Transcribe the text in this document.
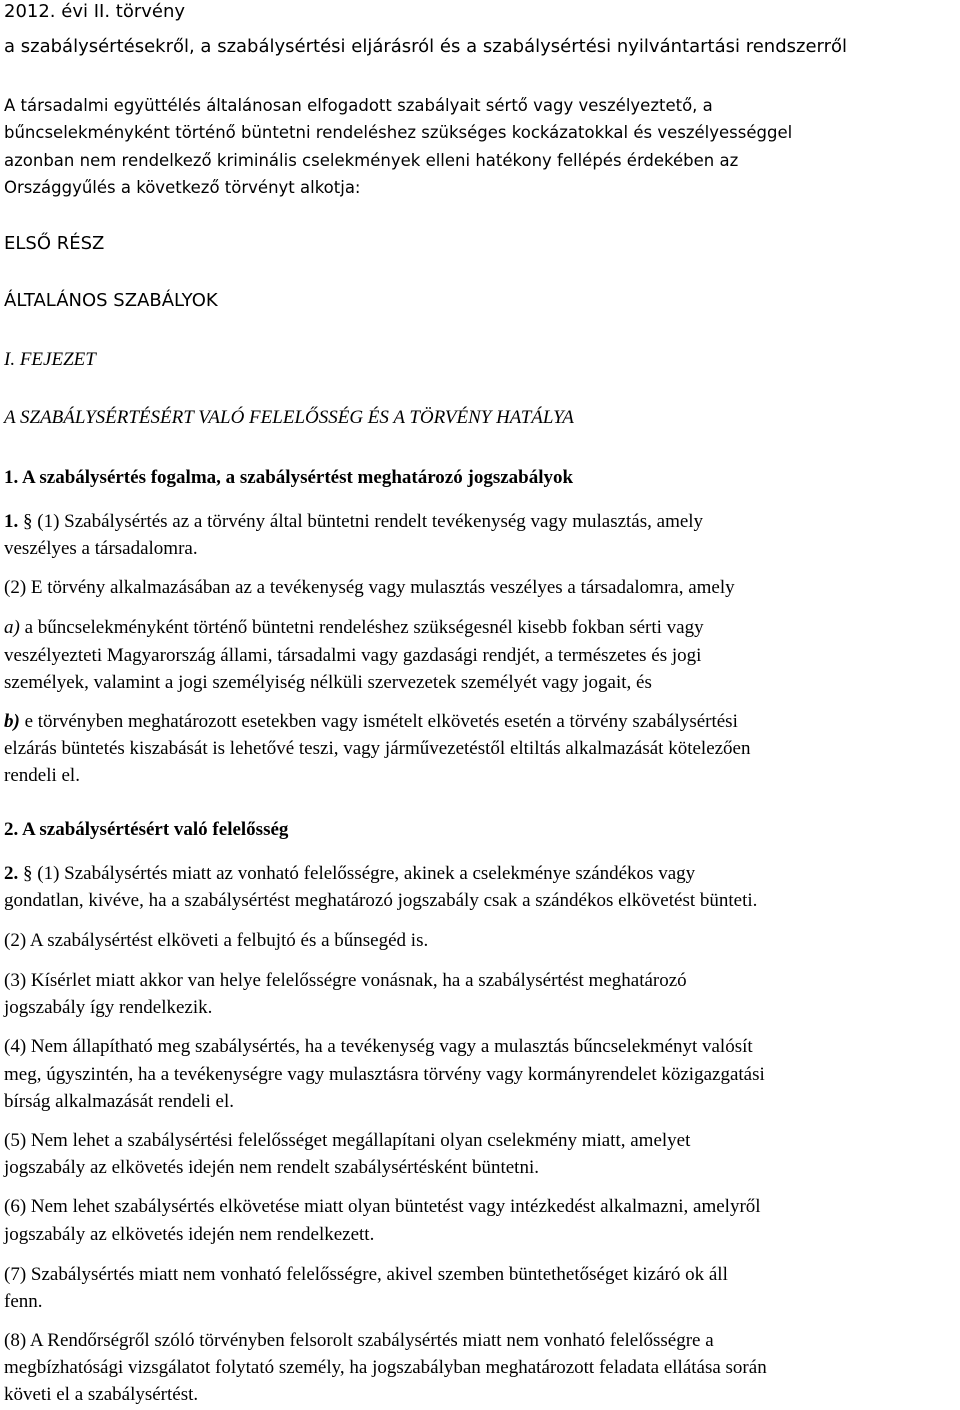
2012. évi II. törvény

a szabálysértésekről, a szabálysértési eljárásról és a szabálysértési nyilvántartási rendszerről

A társadalmi együttélés általánosan elfogadott szabályait sértő vagy veszélyeztető, a

bűncselekményként történő büntetni rendeléshez szükséges kockázatokkal és veszélyességgel

azonban nem rendelkező kriminális cselekmények elleni hatékony fellépés érdekében az

Országgyűlés a következő törvényt alkotja:

ELSŐ RÉSZ

ÁLTALÁNOS SZABÁLYOK

I. FEJEZET

A SZABÁLYSÉRTÉSÉRT VALÓ FELELŐSSÉG ÉS A TÖRVÉNY HATÁLYA

1. A szabálysértés fogalma, a szabálysértést meghatározó jogszabályok

1. § (1) Szabálysértés az a törvény által büntetni rendelt tevékenység vagy mulasztás, amely

veszélyes a társadalomra.

(2) E törvény alkalmazásában az a tevékenység vagy mulasztás veszélyes a társadalomra, amely

a) a bűncselekményként történő büntetni rendeléshez szükségesnél kisebb fokban sérti vagy

veszélyezteti Magyarország állami, társadalmi vagy gazdasági rendjét, a természetes és jogi

személyek, valamint a jogi személyiség nélküli szervezetek személyét vagy jogait, és

b) e törvényben meghatározott esetekben vagy ismételt elkövetés esetén a törvény szabálysértési

elzárás büntetés kiszabását is lehetővé teszi, vagy járművezetéstől eltiltás alkalmazását kötelezően

rendeli el.

2. A szabálysértésért való felelősség

2. § (1) Szabálysértés miatt az vonható felelősségre, akinek a cselekménye szándékos vagy

gondatlan, kivéve, ha a szabálysértést meghatározó jogszabály csak a szándékos elkövetést bünteti.

(2) A szabálysértést elköveti a felbujtó és a bűnsegéd is.

(3) Kísérlet miatt akkor van helye felelősségre vonásnak, ha a szabálysértést meghatározó

jogszabály így rendelkezik.

(4) Nem állapítható meg szabálysértés, ha a tevékenység vagy a mulasztás bűncselekményt valósít

meg, úgyszintén, ha a tevékenységre vagy mulasztásra törvény vagy kormányrendelet közigazgatási

bírság alkalmazását rendeli el.

(5) Nem lehet a szabálysértési felelősséget megállapítani olyan cselekmény miatt, amelyet

jogszabály az elkövetés idején nem rendelt szabálysértésként büntetni.

(6) Nem lehet szabálysértés elkövetése miatt olyan büntetést vagy intézkedést alkalmazni, amelyről

jogszabály az elkövetés idején nem rendelkezett.

(7) Szabálysértés miatt nem vonható felelősségre, akivel szemben büntethetőséget kizáró ok áll

fenn.

(8) A Rendőrségről szóló törvényben felsorolt szabálysértés miatt nem vonható felelősségre a

megbízhatósági vizsgálatot folytató személy, ha jogszabályban meghatározott feladata ellátása során

követi el a szabálysértést.
